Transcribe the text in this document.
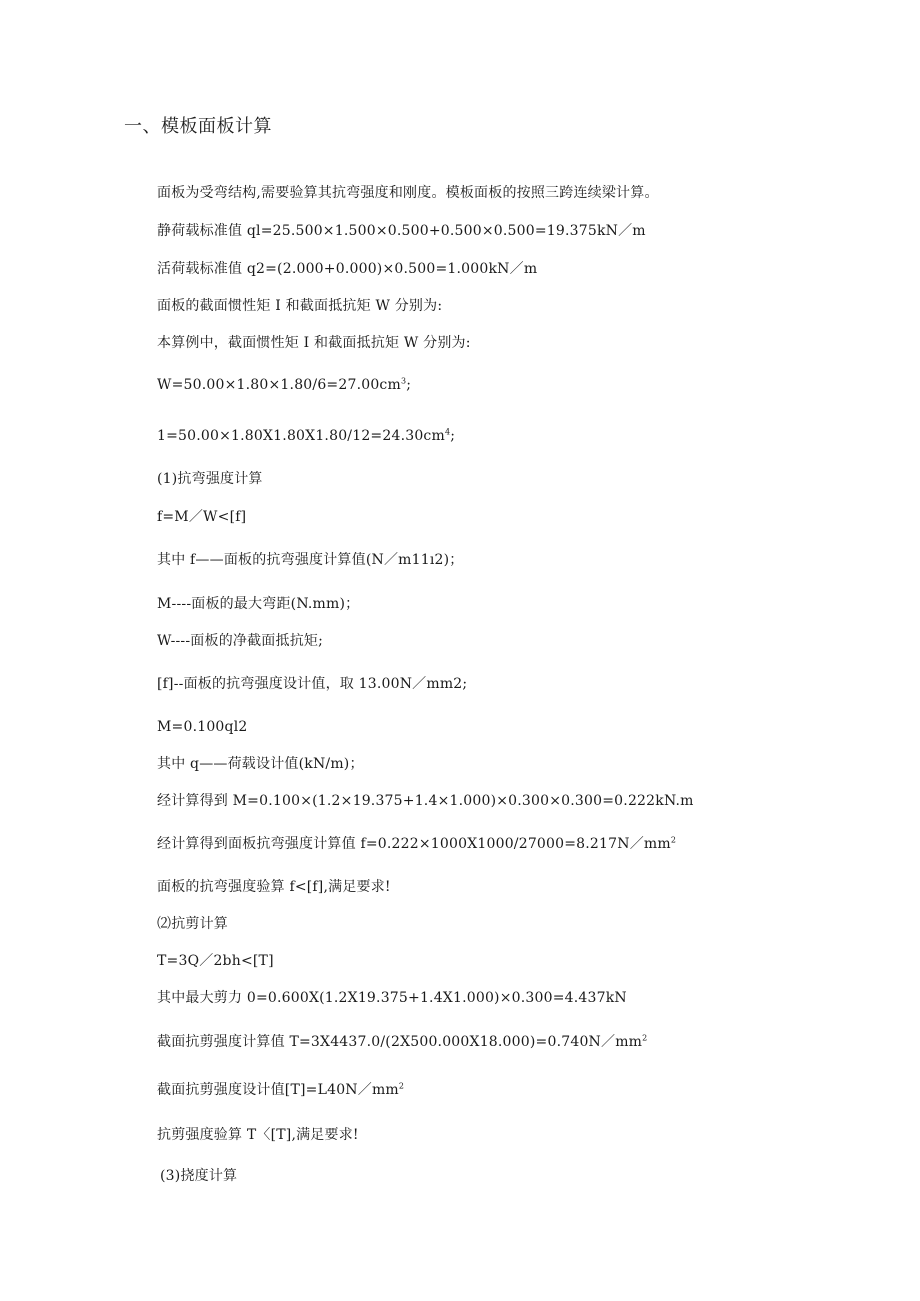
一、模板面板计算
面板为受弯结构,需要验算其抗弯强度和刚度。模板面板的按照三跨连续梁计算。
静荷载标准值 ql=25.500×1.500×0.500+0.500×0.500=19.375kN／m
活荷载标准值 q2=(2.000+0.000)×0.500=1.000kN／m
面板的截面惯性矩 I 和截面抵抗矩 W 分别为:
本算例中，截面惯性矩 I 和截面抵抗矩 W 分别为:
$W=50.00\times 1.80\times 1.80/6=27.00cm^3$;
$1=50.00\times 1.80X1.80X1.80/12=24.30cm^4$;
(1)抗弯强度计算
f=M／W<[f]
其中 f——面板的抗弯强度计算值(N／m11ı2)；
M----面板的最大弯距(N.mm)；
W----面板的净截面抵抗矩;
[f]--面板的抗弯强度设计值，取 13.00N／mm2;
M=0.100ql2
其中 q——荷载设计值(kN/m)；
经计算得到 M=0.100×(1.2×19.375+1.4×1.000)×0.300×0.300=0.222kN.m
经计算得到面板抗弯强度计算值 $f=0.222\times 1000X1000/27000=8.217N/mm^2$
面板的抗弯强度验算 f<[f],满足要求!
⑵抗剪计算
T=3Q／2bh<[T]
其中最大剪力 0=0.600X(1.2X19.375+1.4X1.000)×0.300=4.437kN
截面抗剪强度计算值 $T=3X4437.0/(2X500.000X18.000)=0.740N/mm^2$
截面抗剪强度设计值$[T]=L40N/mm^2$
抗剪强度验算 T〈[T],满足要求!
(3)挠度计算
